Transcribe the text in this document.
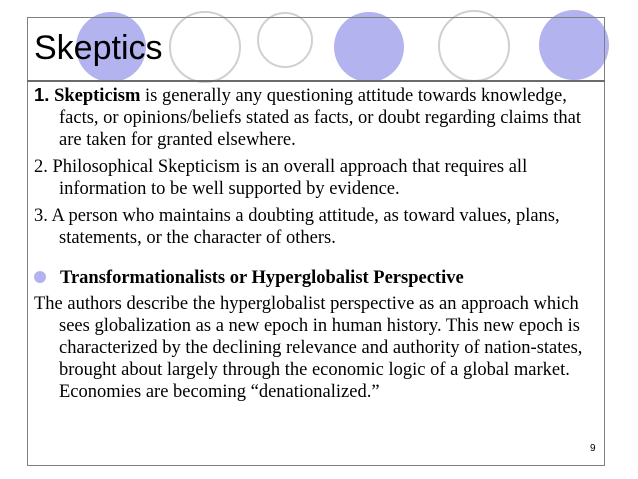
Skeptics

1. Skepticism is generally any questioning attitude towards knowledge, facts, or opinions/beliefs stated as facts, or doubt regarding claims that are taken for granted elsewhere.

2. Philosophical Skepticism is an overall approach that requires all information to be well supported by evidence.

3. A person who maintains a doubting attitude, as toward values, plans, statements, or the character of others.

Transformationalists or Hyperglobalist Perspective

The authors describe the hyperglobalist perspective as an approach which sees globalization as a new epoch in human history. This new epoch is characterized by the declining relevance and authority of nation-states, brought about largely through the economic logic of a global market. Economies are becoming “denationalized.”

9
